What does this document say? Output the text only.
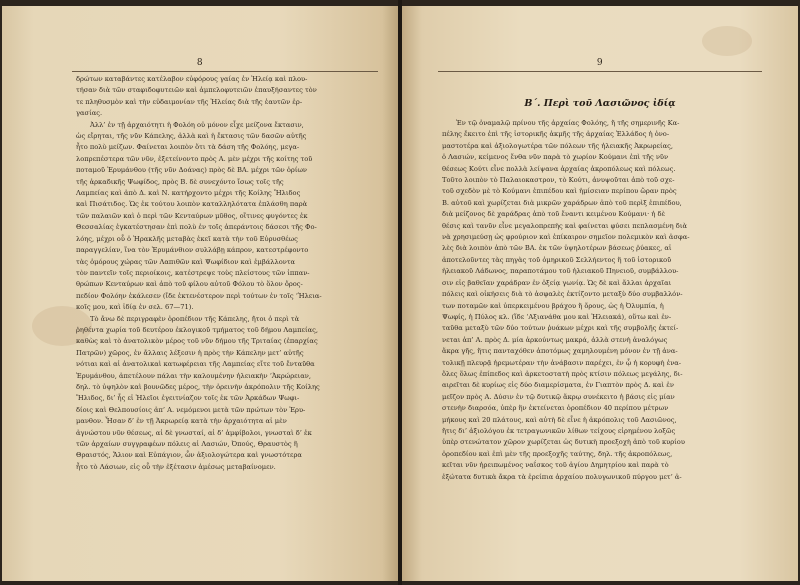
8

δρώτων καταβάντες κατέλαβον εὐφόρους γαίας ἐν Ἠλείᾳ καὶ πλου-

τήσαν διὰ τῶν σταφιδοφυτειῶν καὶ ἀμπελοφυτειῶν ἐπαυξήσαντες τὸν

τε πληθυσμὸν καὶ τὴν εὐδαιμονίαν τῆς Ἠλείας διὰ τῆς ἑαυτῶν ἐρ-

γασίας.

Ἀλλ’ ἐν τῇ ἀρχαιότητι ἡ Φολόη οὐ μόνον εἶχε μείζονα ἔκτασιν,

ὡς εἴρηται, τῆς νῦν Κάπελης, ἀλλὰ καὶ ἡ ἔκτασις τῶν δασῶν αὐτῆς

ἦτο πολὺ μείζων. Φαίνεται λοιπὸν ὅτι τὰ δάση τῆς Φολόης, μεγα-

λοπρεπέστερα τῶν νῦν, ἐξετείνοντο πρὸς Α. μὲν μέχρι τῆς κοίτης τοῦ

ποταμοῦ Ἐρυμάνθου (τῆς νῦν Δοάνας) πρὸς δὲ ΒΑ. μέχρι τῶν ὁρίων

τῆς ἀρκαδικῆς Ψωφίδος, πρὸς Β. δὲ συνεχόντο ἴσως τοῖς τῆς

Λαμπείας καὶ ἀπὸ Δ. καὶ Ν. κατήρχοντο μέχρι τῆς Κοίλης Ἤλιδος

καὶ Πισάτιδος. Ὡς ἐκ τούτου λοιπὸν καταλληλότατα ἐπλάσθη παρὰ

τῶν παλαιῶν καὶ ὁ περὶ τῶν Κενταύρων μῦθος, οἵτινες φυγόντες ἐκ

Θεσσαλίας ἐγκατέστησαν ἐπὶ πολὺ ἐν τοῖς ἀπεράντοις δάσεσι τῆς Φο-

λόης, μέχρι οὗ ὁ Ἡρακλῆς μεταβὰς ἐκεῖ κατὰ τὴν τοῦ Εὐρυσθέως

παραγγελίαν, ἵνα τὸν Ἐρυμάνθιον συλλάβῃ κάπρον, κατεστρέφοντο

τὰς ὁμόρους χώρας τῶν Λαπιθῶν καὶ Ψωφίδιον καὶ ἐμβάλλοντα

τὸν παντεῖν τοῖς περιοίκοις, κατέστρεψε τοὺς πλείστους τῶν ἱππαν-

θρώπων Κενταύρων καὶ ἀπὸ τοῦ φίλου αὐτοῦ Φόλου τὸ ὅλον ὄρος-

πεδίον Φολόην ἐκάλεσεν (ἴδε ἐκτενέστερον περὶ τούτων ἐν τοῖς ‘Ἠλεια-

κοῖς μου, καὶ ἰδίᾳ ἐν σελ. 67—71).

Τὸ ἄνω δὲ περιγραφὲν ὀροπέδιον τῆς Κάπελης, ἤτοι ὁ περὶ τὰ

ῥηθέντα χωρία τοῦ δευτέρου ἐκλογικοῦ τμήματος τοῦ δήμου Λαμπείας,

καθὼς καὶ τὸ ἀνατολικὸν μέρος τοῦ νῦν δήμου τῆς Τριταίας (ἐπαρχίας

Πατρῶν) χῶρος, ἐν ἄλλαις λέξεσιν ἡ πρὸς τὴν Κάπελην μετ’ αὐτῆς

νότιαι καὶ αἱ ἀνατολικαὶ κατωφέρειαι τῆς Λαμπείας εἴτε τοῦ ἔνταῦθα

Ἐρυμάνθου, ἀπετέλουν πάλαι τὴν καλουμένην ἠλειακὴν ‘Ἀκρώρειαν,

δηλ. τὸ ὑψηλὸν καὶ βουνῶδες μέρος, τὴν ὀρεινὴν ἀκρόπολιν τῆς Κοίλης

Ἤλιδος, δι’ ἧς εἰ Ἠλεῖοι ἐγειτνίαζον τοῖς ἐκ τῶν Ἀρκάδων Ψωφι-

δίοις καὶ Θελπουσίοις ἀπ’ Α. νεμόμενοι μετὰ τῶν πρώτων τὸν Ἐρυ-

μανθον. Ἦσαν δ’ ἐν τῇ Ἀκρωρείᾳ κατὰ τὴν ἀρχαιότητα αἱ μὲν

ἀγνώστου νῦν θέσεως, αἱ δὲ γνωσταί, αἱ δ’ ἀμφίβολοι, γνωσταὶ δ’ ἐκ

τῶν ἀρχαίων συγγραφέων πόλεις αἱ Λασιών, Ὀπούς, Θραυστὸς ἢ

Θραιστός, Ἄλιον καὶ Εὐπάγιον, ὧν ἀξιολογώτερα καὶ γνωστότερα

ἦτο τὸ Λάσιων, εἰς οὗ τὴν ἐξέτασιν ἀμέσως μεταβαίνομεν.

9
Β΄. Περὶ τοῦ Λασιῶνος ἰδίᾳ

Ἐν τῷ ὀναμαλῷ πρίνου τῆς ἀρχαίας Φολόης, ἤ τῆς σημερινῆς Κα-

πέλης ἔκειτο ἐπὶ τῆς ἱστορικῆς ἀκμῆς τῆς ἀρχαίας Ἑλλάδος ἡ ὀνο-

μαστοτέρα καὶ ἀξιολογωτέρα τῶν πόλεων τῆς ἠλειακῆς Ἀκρωρείας,

ὁ Λασιών, κείμενος ἔνθα νῦν παρὰ τὸ χωρίον Κούμανι ἐπὶ τῆς νῦν

θέσεως Κούτι εἶνε πολλὰ λείψανα ἀρχαίας ἀκροπόλεως καὶ πόλεως.

Τοῦτο λοιπὸν τὸ Παλαιοκαστρον, τὸ Κούτι, ἀνυψοῦται ἀπὸ τοῦ σχε-

τοῦ σχεδὸν μὲ τὸ Κούμανι ἐπιπέδου καὶ ἡμίσειαν περίπου ὥραν πρὸς

Β. αὐτοῦ καὶ χωρίζεται διὰ μικρῶν χαράδρων ἀπὸ τοῦ περὶξ ἐπιπέδου,

διὰ μείζονος δὲ χαράδρας ἀπὸ τοῦ ἔναντι κειμένου Κούμανι· ἡ δὲ

θέσις καὶ τανῦν εἶνε μεγαλοπρεπὴς καὶ φαίνεται φύσει πεπλασμένη διὰ

νὰ χρησιμεύσῃ ὡς φρούριον καὶ ἐπίκαιρον σημεῖον πολεμικὸν καὶ ἀσφα-

λὲς διὰ λοιπὸν ἀπὸ τῶν ΒΑ. ἐκ τῶν ὑψηλοτέρων βάσεως ῥύακες, αἱ

ἀποτελοῦντες τὰς πηγὰς τοῦ ὁμηρικοῦ Σελλήεντος ἢ τοῦ ἱστορικοῦ

ἠλειακοῦ Λάδωνος, παραποτάμου τοῦ ἠλειακοῦ Πηνειοῦ, συμβάλλου-

σιν εἰς βαθεῖαν χαράδραν ἐν ὀξείᾳ γωνίᾳ. Ὡς δὲ καὶ ἄλλαι ἀρχαῖαι

πόλεις καὶ οἰκήσεις διὰ τὸ ἀσφαλὲς ἐκτίζοντο μεταξὺ δύο συμβαλλόν-

των ποταμῶν καὶ ὑπερκειμένου βράχου ἢ ὄρους, ὡς ἡ Ὀλυμπία, ἡ

Ψωφίς, ἡ Πύλος κλ. (ἴδε ‘Αξιανάθα μου καὶ Ἠλειακά), οὕτω καὶ ἐν-

ταῦθα μεταξὺ τῶν δύο τούτων ῥυάκων μέχρι καὶ τῆς συμβολῆς ἐκτεί-

νεται ἀπ’ Α. πρὸς Δ. μία ἀρκούντως μακρά, ἀλλὰ στενὴ ἀναλόγως

ἄκρα γῆς, ἥτις πανταχόθεν ἀποτόμως χαμηλουμένη μόνον ἐν τῇ ἀνα-

τολικῇ πλευρᾷ ἠρεμωτέραν τὴν ἀνάβασιν παρέχει, ἐν ᾧ ἡ κορυφὴ ἐνα-

ὅλες ὅλως ἐπίπεδος καὶ ἀρκετοστατὴ πρὸς κτίσιν πόλεως μεγάλης, δι-

αιρεῖται δὲ κυρίως εἰς δύο διαμερίσματα, ἐν Γιαπτὸν πρὸς Δ. καὶ ἐν

μεῖζον πρὸς Α. Δύσιν ἐν τῷ δυτικῷ ἄκρῳ συνέκειτο ἡ βάσις εἰς μίαν

στενὴν διαρσόα, ὑπὲρ ἣν ἐκτείνεται ὀροπέδιον 40 περίπου μέτρων

μήκους καὶ 20 πλάτους, καὶ αὐτὴ δὲ εἶνε ἡ ἀκρόπολις τοῦ Λασιῶνος,

ἥτις δι’ ἀξιολόγου ἐκ τετραγωνικῶν λίθων τείχους εἰρημένου λοξῶς

ὑπὲρ στενώτατον χῶρον χωρίζεται ὡς δυτικὴ προεξοχὴ ἀπὸ τοῦ κυρίου

ὀροπεδίου καὶ ἐπὶ μὲν τῆς προεξοχῆς ταύτης, δηλ. τῆς ἀκροπόλεως,

κεῖται νῦν ἡρειπωμένος ναΐσκος τοῦ ἁγίου Δημητρίου καὶ παρὰ τὸ

ἐξώτατα δυτικὰ ἄκρα τὰ ἐρείπια ἀρχαίου πολυγωνικοῦ πύργου μετ’ ἀ-
